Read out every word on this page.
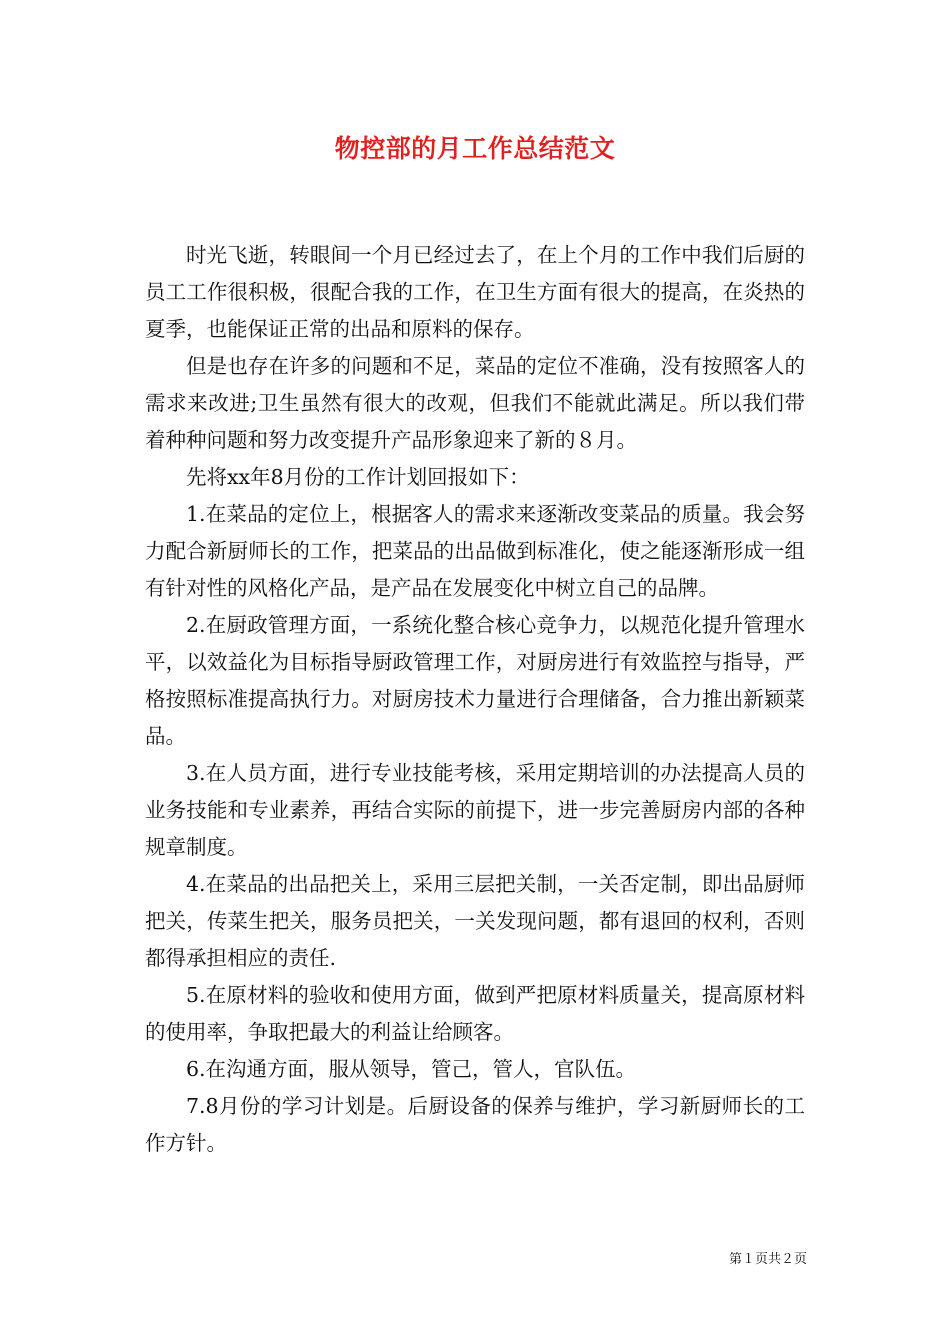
物控部的月工作总结范文

时光飞逝，转眼间一个月已经过去了，在上个月的工作中我们后厨的员工工作很积极，很配合我的工作，在卫生方面有很大的提高，在炎热的夏季，也能保证正常的出品和原料的保存。

但是也存在许多的问题和不足，菜品的定位不准确，没有按照客人的需求来改进;卫生虽然有很大的改观，但我们不能就此满足。所以我们带着种种问题和努力改变提升产品形象迎来了新的８月。

先将xx年8月份的工作计划回报如下：

1.在菜品的定位上，根据客人的需求来逐渐改变菜品的质量。我会努力配合新厨师长的工作，把菜品的出品做到标准化，使之能逐渐形成一组有针对性的风格化产品，是产品在发展变化中树立自己的品牌。

2.在厨政管理方面，一系统化整合核心竞争力，以规范化提升管理水平，以效益化为目标指导厨政管理工作，对厨房进行有效监控与指导，严格按照标准提高执行力。对厨房技术力量进行合理储备，合力推出新颖菜品。

3.在人员方面，进行专业技能考核，采用定期培训的办法提高人员的业务技能和专业素养，再结合实际的前提下，进一步完善厨房内部的各种规章制度。

4.在菜品的出品把关上，采用三层把关制，一关否定制，即出品厨师把关，传菜生把关，服务员把关，一关发现问题，都有退回的权利，否则都得承担相应的责任.

5.在原材料的验收和使用方面，做到严把原材料质量关，提高原材料的使用率，争取把最大的利益让给顾客。

6.在沟通方面，服从领导，管己，管人，官队伍。

7.8月份的学习计划是。后厨设备的保养与维护，学习新厨师长的工作方针。

第１页共２页
